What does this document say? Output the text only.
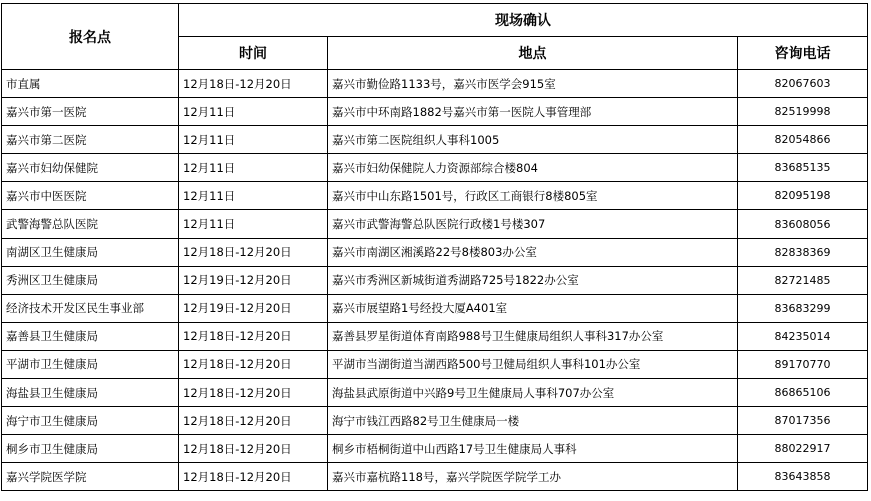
报名点	现场确认		
	时间	地点	咨询电话
市直属	12月18日-12月20日	嘉兴市勤俭路1133号，嘉兴市医学会915室	82067603
嘉兴市第一医院	12月11日	嘉兴市中环南路1882号嘉兴市第一医院人事管理部	82519998
嘉兴市第二医院	12月11日	嘉兴市第二医院组织人事科1005	82054866
嘉兴市妇幼保健院	12月11日	嘉兴市妇幼保健院人力资源部综合楼804	83685135
嘉兴市中医医院	12月11日	嘉兴市中山东路1501号，行政区工商银行8楼805室	82095198
武警海警总队医院	12月11日	嘉兴市武警海警总队医院行政楼1号楼307	83608056
南湖区卫生健康局	12月18日-12月20日	嘉兴市南湖区湘溪路22号8楼803办公室	82838369
秀洲区卫生健康局	12月19日-12月20日	嘉兴市秀洲区新城街道秀湖路725号1822办公室	82721485
经济技术开发区民生事业部	12月19日-12月20日	嘉兴市展望路1号经投大厦A401室	83683299
嘉善县卫生健康局	12月18日-12月20日	嘉善县罗星街道体育南路988号卫生健康局组织人事科317办公室	84235014
平湖市卫生健康局	12月18日-12月20日	平湖市当湖街道当湖西路500号卫健局组织人事科101办公室	89170770
海盐县卫生健康局	12月18日-12月20日	海盐县武原街道中兴路9号卫生健康局人事科707办公室	86865106
海宁市卫生健康局	12月18日-12月20日	海宁市钱江西路82号卫生健康局一楼	87017356
桐乡市卫生健康局	12月18日-12月20日	桐乡市梧桐街道中山西路17号卫生健康局人事科	88022917
嘉兴学院医学院	12月18日-12月20日	嘉兴市嘉杭路118号，嘉兴学院医学院学工办	83643858
